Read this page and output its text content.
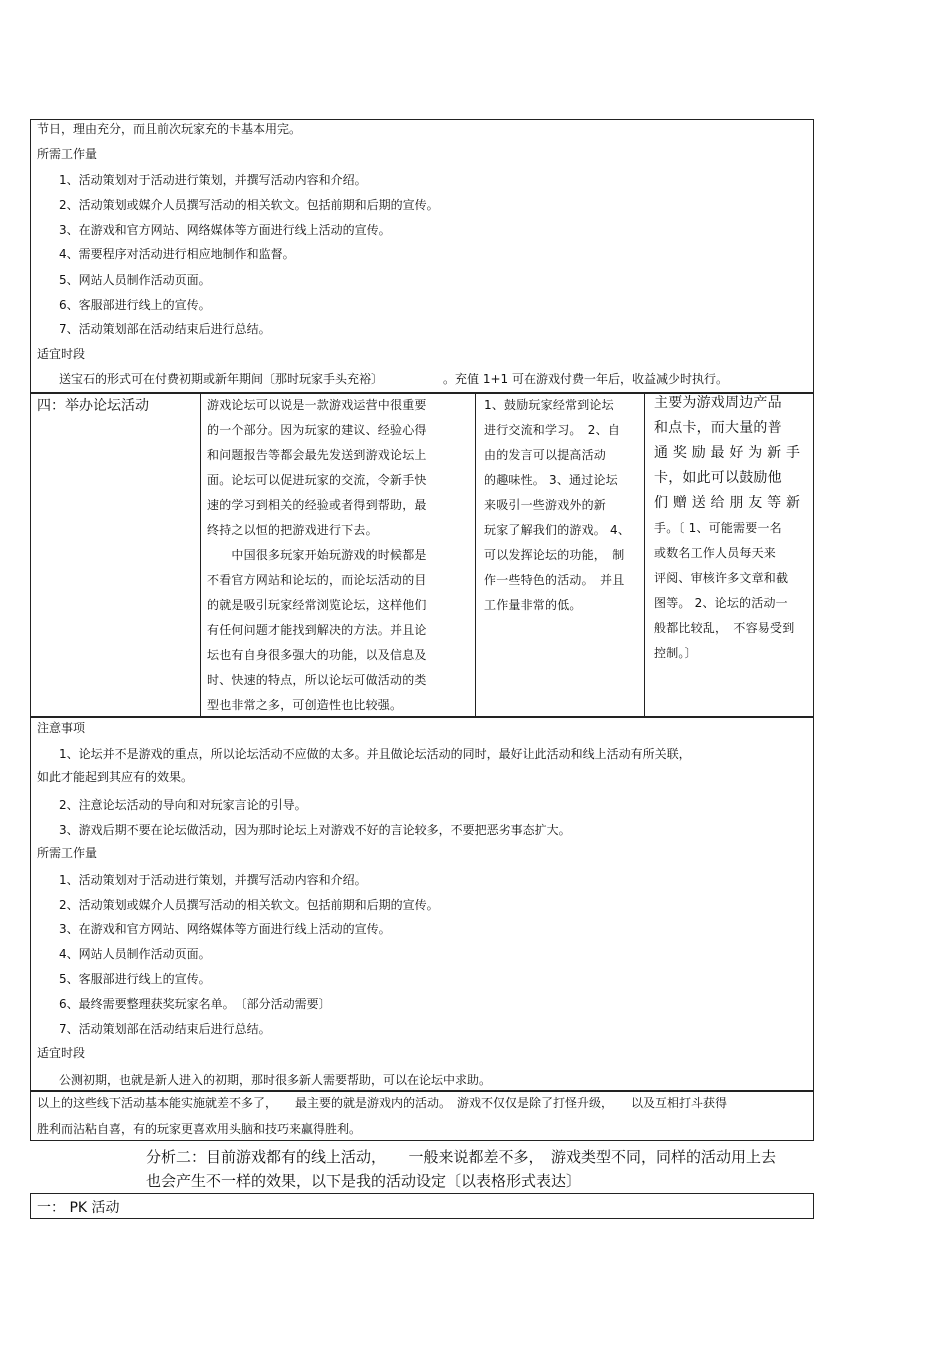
节日，理由充分，而且前次玩家充的卡基本用完。
所需工作量
1、活动策划对于活动进行策划，并撰写活动内容和介绍。
2、活动策划或媒介人员撰写活动的相关软文。包括前期和后期的宣传。
3、在游戏和官方网站、网络媒体等方面进行线上活动的宣传。
4、需要程序对活动进行相应地制作和监督。
5、网站人员制作活动页面。
6、客服部进行线上的宣传。
7、活动策划部在活动结束后进行总结。
适宜时段
送宝石的形式可在付费初期或新年期间〔那时玩家手头充裕〕	。充值 1+1 可在游戏付费一年后，收益减少时执行。
四：举办论坛活动	游戏论坛可以说是一款游戏运营中很重要
的一个部分。因为玩家的建议、经验心得
和问题报告等都会最先发送到游戏论坛上
面。论坛可以促进玩家的交流，令新手快
速的学习到相关的经验或者得到帮助，最
终持之以恒的把游戏进行下去。
　　中国很多玩家开始玩游戏的时候都是
不看官方网站和论坛的，而论坛活动的目
的就是吸引玩家经常浏览论坛，这样他们
有任何问题才能找到解决的方法。并且论
坛也有自身很多强大的功能，以及信息及
时、快速的特点，所以论坛可做活动的类
型也非常之多，可创造性也比较强。
1、鼓励玩家经常到论坛
进行交流和学习。　2、自
由的发言可以提高活动
的趣味性。 3、通过论坛
来吸引一些游戏外的新
玩家了解我们的游戏。 4、
可以发挥论坛的功能，　制
作一些特色的活动。　并且
工作量非常的低。
主要为游戏周边产品
和点卡，而大量的普
通 奖 励 最 好 为 新 手
卡，如此可以鼓励他
们 赠 送 给 朋 友 等 新
手。〔 1、可能需要一名
或数名工作人员每天来
评阅、审核许多文章和截
图等。 2、论坛的活动一
般都比较乱，　不容易受到
控制。〕
注意事项
1、论坛并不是游戏的重点，所以论坛活动不应做的太多。并且做论坛活动的同时，最好让此活动和线上活动有所关联，
如此才能起到其应有的效果。
2、注意论坛活动的导向和对玩家言论的引导。
3、游戏后期不要在论坛做活动，因为那时论坛上对游戏不好的言论较多，不要把恶劣事态扩大。
所需工作量
1、活动策划对于活动进行策划，并撰写活动内容和介绍。
2、活动策划或媒介人员撰写活动的相关软文。包括前期和后期的宣传。
3、在游戏和官方网站、网络媒体等方面进行线上活动的宣传。
4、网站人员制作活动页面。
5、客服部进行线上的宣传。
6、最终需要整理获奖玩家名单。　〔部分活动需要〕
7、活动策划部在活动结束后进行总结。
适宜时段
公测初期，也就是新人进入的初期，那时很多新人需要帮助，可以在论坛中求助。
以上的这些线下活动基本能实施就差不多了，　　最主要的就是游戏内的活动。　游戏不仅仅是除了打怪升级，　　以及互相打斗获得
胜利而沾粘自喜，有的玩家更喜欢用头脑和技巧来赢得胜利。
分析二：目前游戏都有的线上活动，　　一般来说都差不多，　游戏类型不同，同样的活动用上去
也会产生不一样的效果，以下是我的活动设定〔以表格形式表达〕
一： PK 活动
